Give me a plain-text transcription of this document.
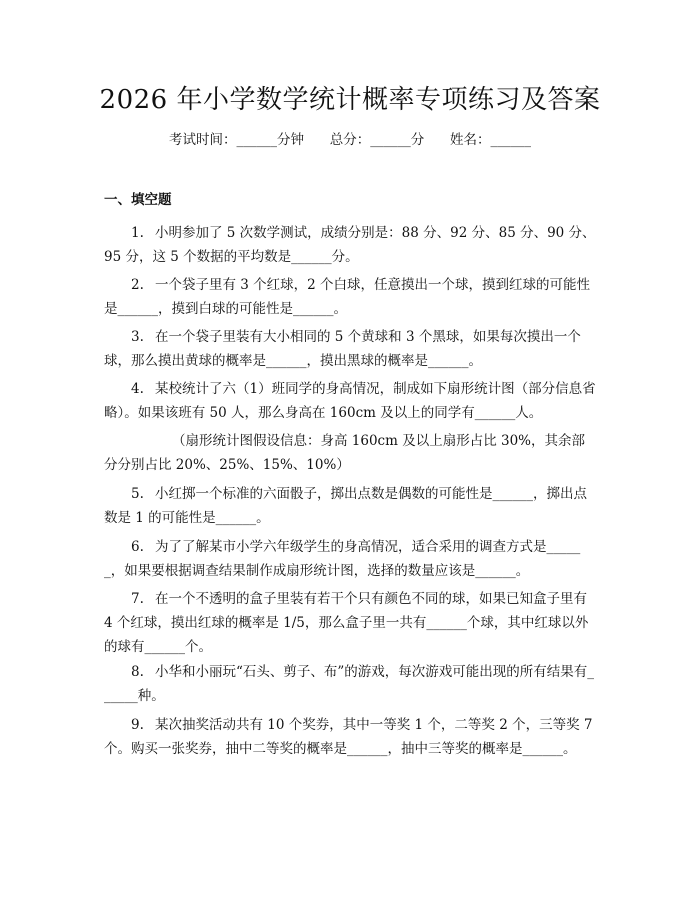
2026 年小学数学统计概率专项练习及答案
考试时间：______分钟      总分：______分      姓名：______
一、填空题

1. 小明参加了 5 次数学测试，成绩分别是：88 分、92 分、85 分、90 分、95 分，这 5 个数据的平均数是______分。

2. 一个袋子里有 3 个红球，2 个白球，任意摸出一个球，摸到红球的可能性是______，摸到白球的可能性是______。

3. 在一个袋子里装有大小相同的 5 个黄球和 3 个黑球，如果每次摸出一个球，那么摸出黄球的概率是______，摸出黑球的概率是______。

4. 某校统计了六（1）班同学的身高情况，制成如下扇形统计图（部分信息省略）。如果该班有 50 人，那么身高在 160cm 及以上的同学有______人。

（扇形统计图假设信息：身高 160cm 及以上扇形占比 30%，其余部分分别占比 20%、25%、15%、10%）

5. 小红掷一个标准的六面骰子，掷出点数是偶数的可能性是______，掷出点数是 1 的可能性是______。

6. 为了了解某市小学六年级学生的身高情况，适合采用的调查方式是______，如果要根据调查结果制作成扇形统计图，选择的数量应该是______。

7. 在一个不透明的盒子里装有若干个只有颜色不同的球，如果已知盒子里有 4 个红球，摸出红球的概率是 1/5，那么盒子里一共有______个球，其中红球以外的球有______个。

8. 小华和小丽玩“石头、剪子、布”的游戏，每次游戏可能出现的所有结果有______种。

9. 某次抽奖活动共有 10 个奖券，其中一等奖 1 个，二等奖 2 个，三等奖 7 个。购买一张奖券，抽中二等奖的概率是______，抽中三等奖的概率是______。
